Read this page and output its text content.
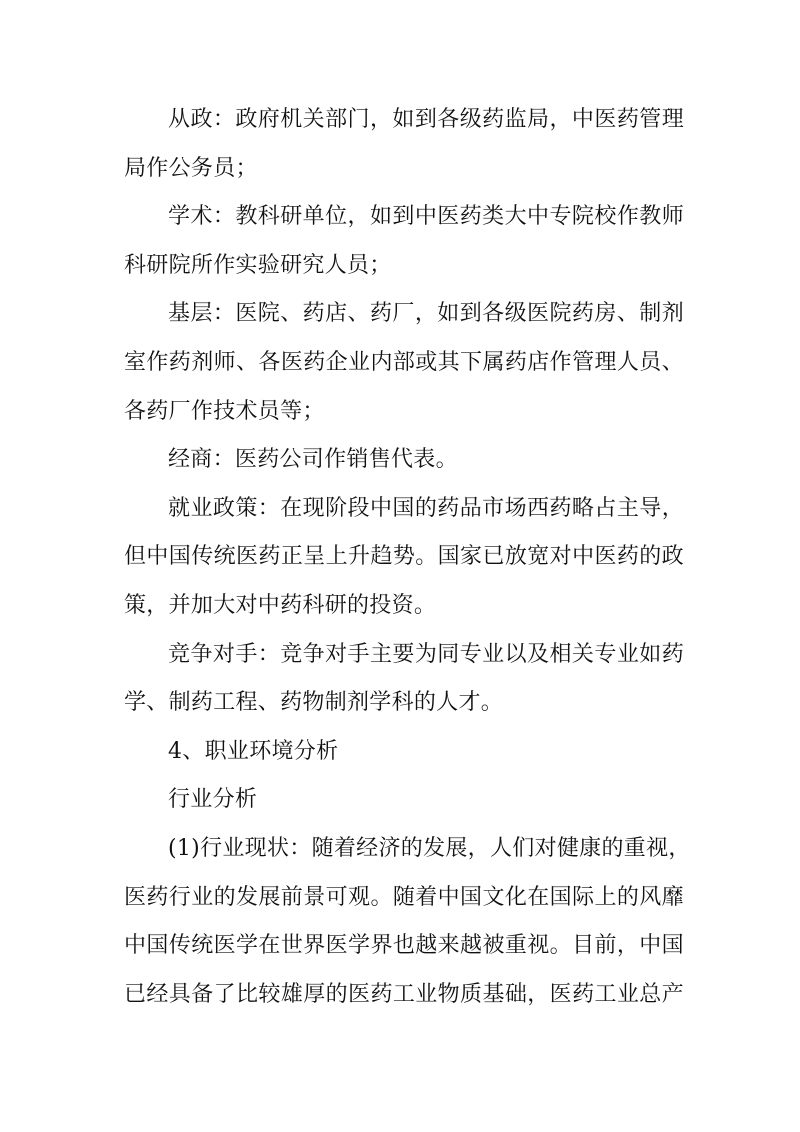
从政：政府机关部门，如到各级药监局，中医药管理
局作公务员；
学术：教科研单位，如到中医药类大中专院校作教师
科研院所作实验研究人员；
基层：医院、药店、药厂，如到各级医院药房、制剂
室作药剂师、各医药企业内部或其下属药店作管理人员、
各药厂作技术员等；
经商：医药公司作销售代表。
就业政策：在现阶段中国的药品市场西药略占主导，
但中国传统医药正呈上升趋势。国家已放宽对中医药的政
策，并加大对中药科研的投资。
竞争对手：竞争对手主要为同专业以及相关专业如药
学、制药工程、药物制剂学科的人才。
4、职业环境分析
行业分析
(1)行业现状：随着经济的发展，人们对健康的重视，
医药行业的发展前景可观。随着中国文化在国际上的风靡
中国传统医学在世界医学界也越来越被重视。目前，中国
已经具备了比较雄厚的医药工业物质基础，医药工业总产
